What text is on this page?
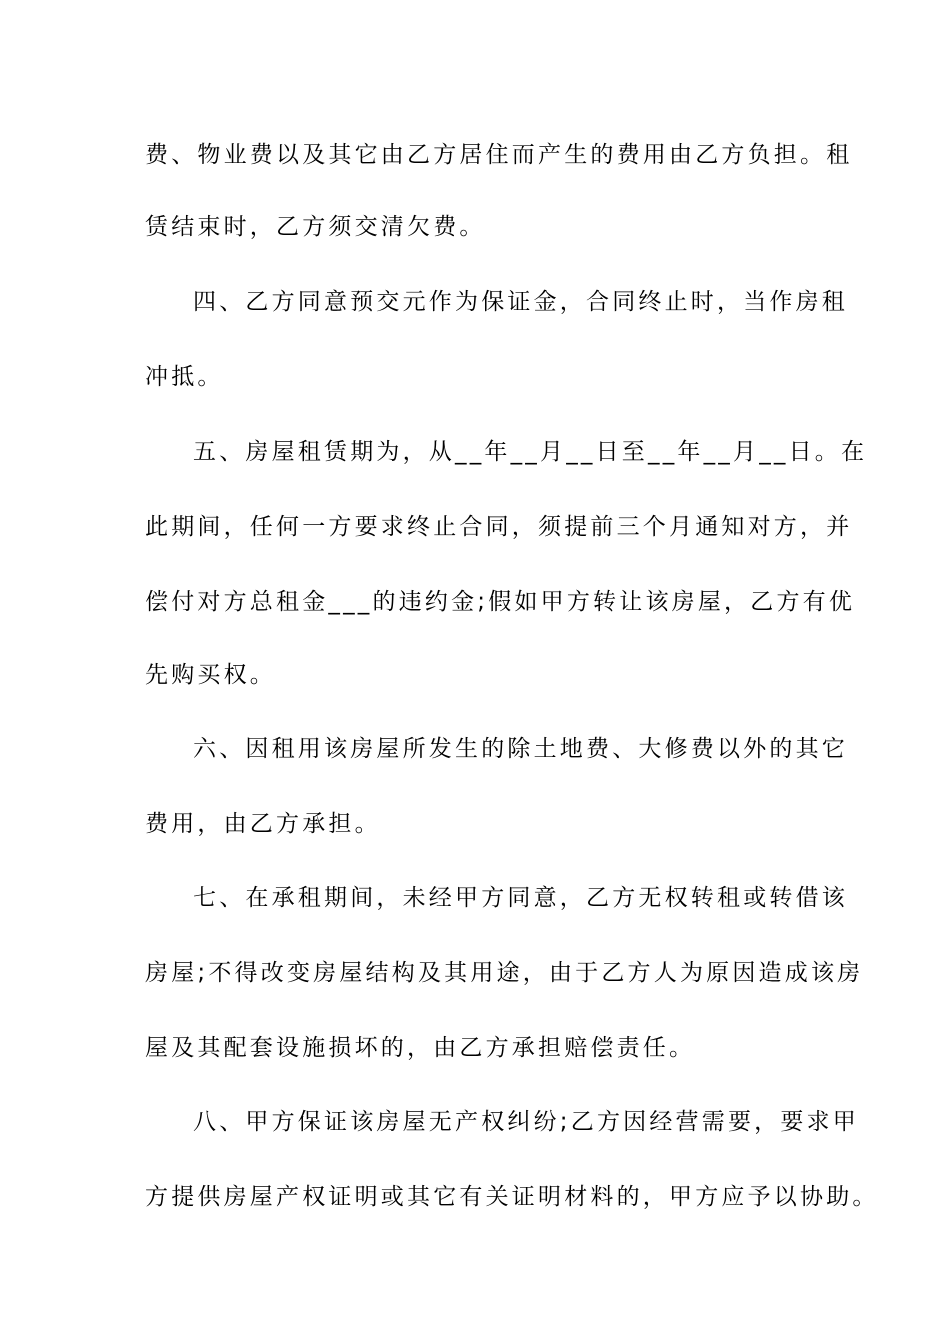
费、物业费以及其它由乙方居住而产生的费用由乙方负担。租
赁结束时，乙方须交清欠费。
四、乙方同意预交元作为保证金，合同终止时，当作房租
冲抵。
五、房屋租赁期为，从__年__月__日至__年__月__日。在
此期间，任何一方要求终止合同，须提前三个月通知对方，并
偿付对方总租金___的违约金;假如甲方转让该房屋，乙方有优
先购买权。
六、因租用该房屋所发生的除土地费、大修费以外的其它
费用，由乙方承担。
七、在承租期间，未经甲方同意，乙方无权转租或转借该
房屋;不得改变房屋结构及其用途，由于乙方人为原因造成该房
屋及其配套设施损坏的，由乙方承担赔偿责任。
八、甲方保证该房屋无产权纠纷;乙方因经营需要，要求甲
方提供房屋产权证明或其它有关证明材料的，甲方应予以协助。
